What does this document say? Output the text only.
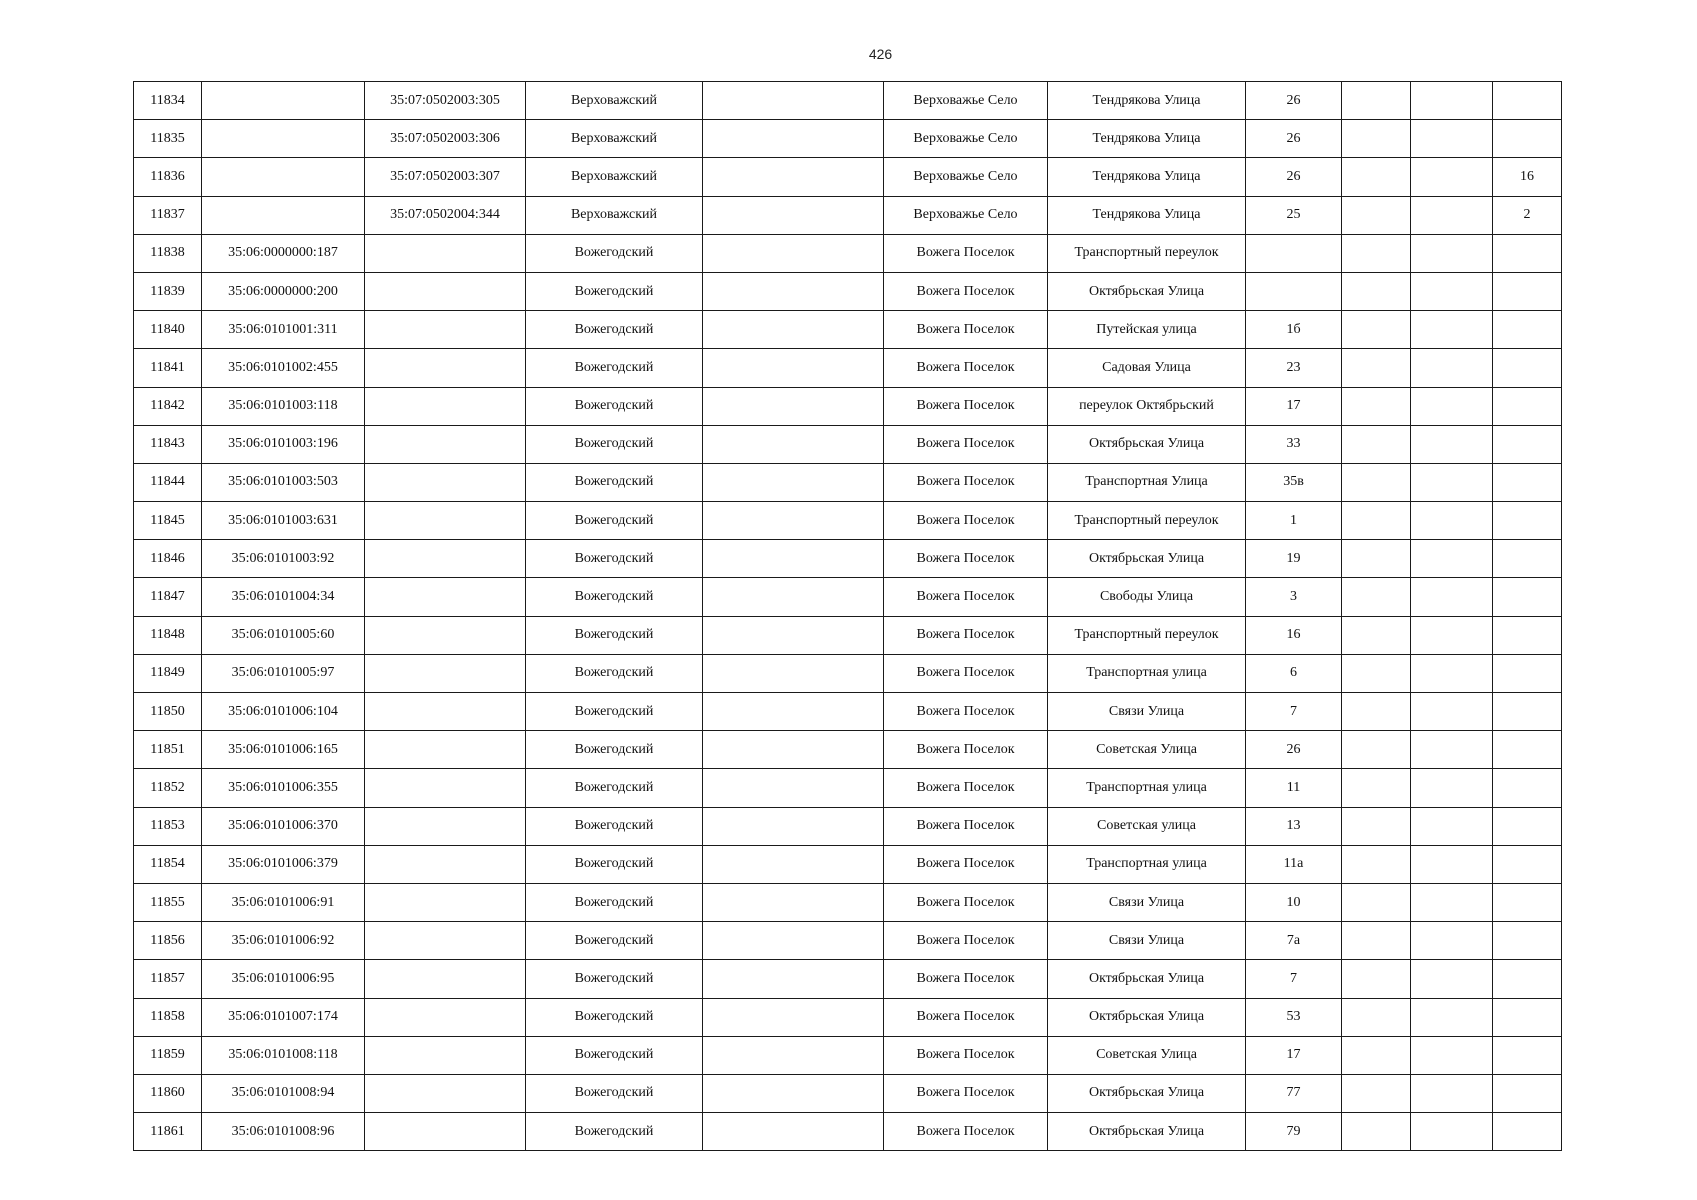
426
11834		35:07:0502003:305	Верховажский		Верховажье Село	Тендрякова Улица	26			
11835		35:07:0502003:306	Верховажский		Верховажье Село	Тендрякова Улица	26			
11836		35:07:0502003:307	Верховажский		Верховажье Село	Тендрякова Улица	26			16
11837		35:07:0502004:344	Верховажский		Верховажье Село	Тендрякова Улица	25			2
11838	35:06:0000000:187		Вожегодский		Вожега Поселок	Транспортный переулок				
11839	35:06:0000000:200		Вожегодский		Вожега Поселок	Октябрьская Улица				
11840	35:06:0101001:311		Вожегодский		Вожега Поселок	Путейская улица	1б			
11841	35:06:0101002:455		Вожегодский		Вожега Поселок	Садовая Улица	23			
11842	35:06:0101003:118		Вожегодский		Вожега Поселок	переулок Октябрьский	17			
11843	35:06:0101003:196		Вожегодский		Вожега Поселок	Октябрьская Улица	33			
11844	35:06:0101003:503		Вожегодский		Вожега Поселок	Транспортная Улица	35в			
11845	35:06:0101003:631		Вожегодский		Вожега Поселок	Транспортный переулок	1			
11846	35:06:0101003:92		Вожегодский		Вожега Поселок	Октябрьская Улица	19			
11847	35:06:0101004:34		Вожегодский		Вожега Поселок	Свободы Улица	3			
11848	35:06:0101005:60		Вожегодский		Вожега Поселок	Транспортный переулок	16			
11849	35:06:0101005:97		Вожегодский		Вожега Поселок	Транспортная улица	6			
11850	35:06:0101006:104		Вожегодский		Вожега Поселок	Связи Улица	7			
11851	35:06:0101006:165		Вожегодский		Вожега Поселок	Советская Улица	26			
11852	35:06:0101006:355		Вожегодский		Вожега Поселок	Транспортная улица	11			
11853	35:06:0101006:370		Вожегодский		Вожега Поселок	Советская улица	13			
11854	35:06:0101006:379		Вожегодский		Вожега Поселок	Транспортная улица	11а			
11855	35:06:0101006:91		Вожегодский		Вожега Поселок	Связи Улица	10			
11856	35:06:0101006:92		Вожегодский		Вожега Поселок	Связи Улица	7а			
11857	35:06:0101006:95		Вожегодский		Вожега Поселок	Октябрьская Улица	7			
11858	35:06:0101007:174		Вожегодский		Вожега Поселок	Октябрьская Улица	53			
11859	35:06:0101008:118		Вожегодский		Вожега Поселок	Советская Улица	17			
11860	35:06:0101008:94		Вожегодский		Вожега Поселок	Октябрьская Улица	77			
11861	35:06:0101008:96		Вожегодский		Вожега Поселок	Октябрьская Улица	79			
